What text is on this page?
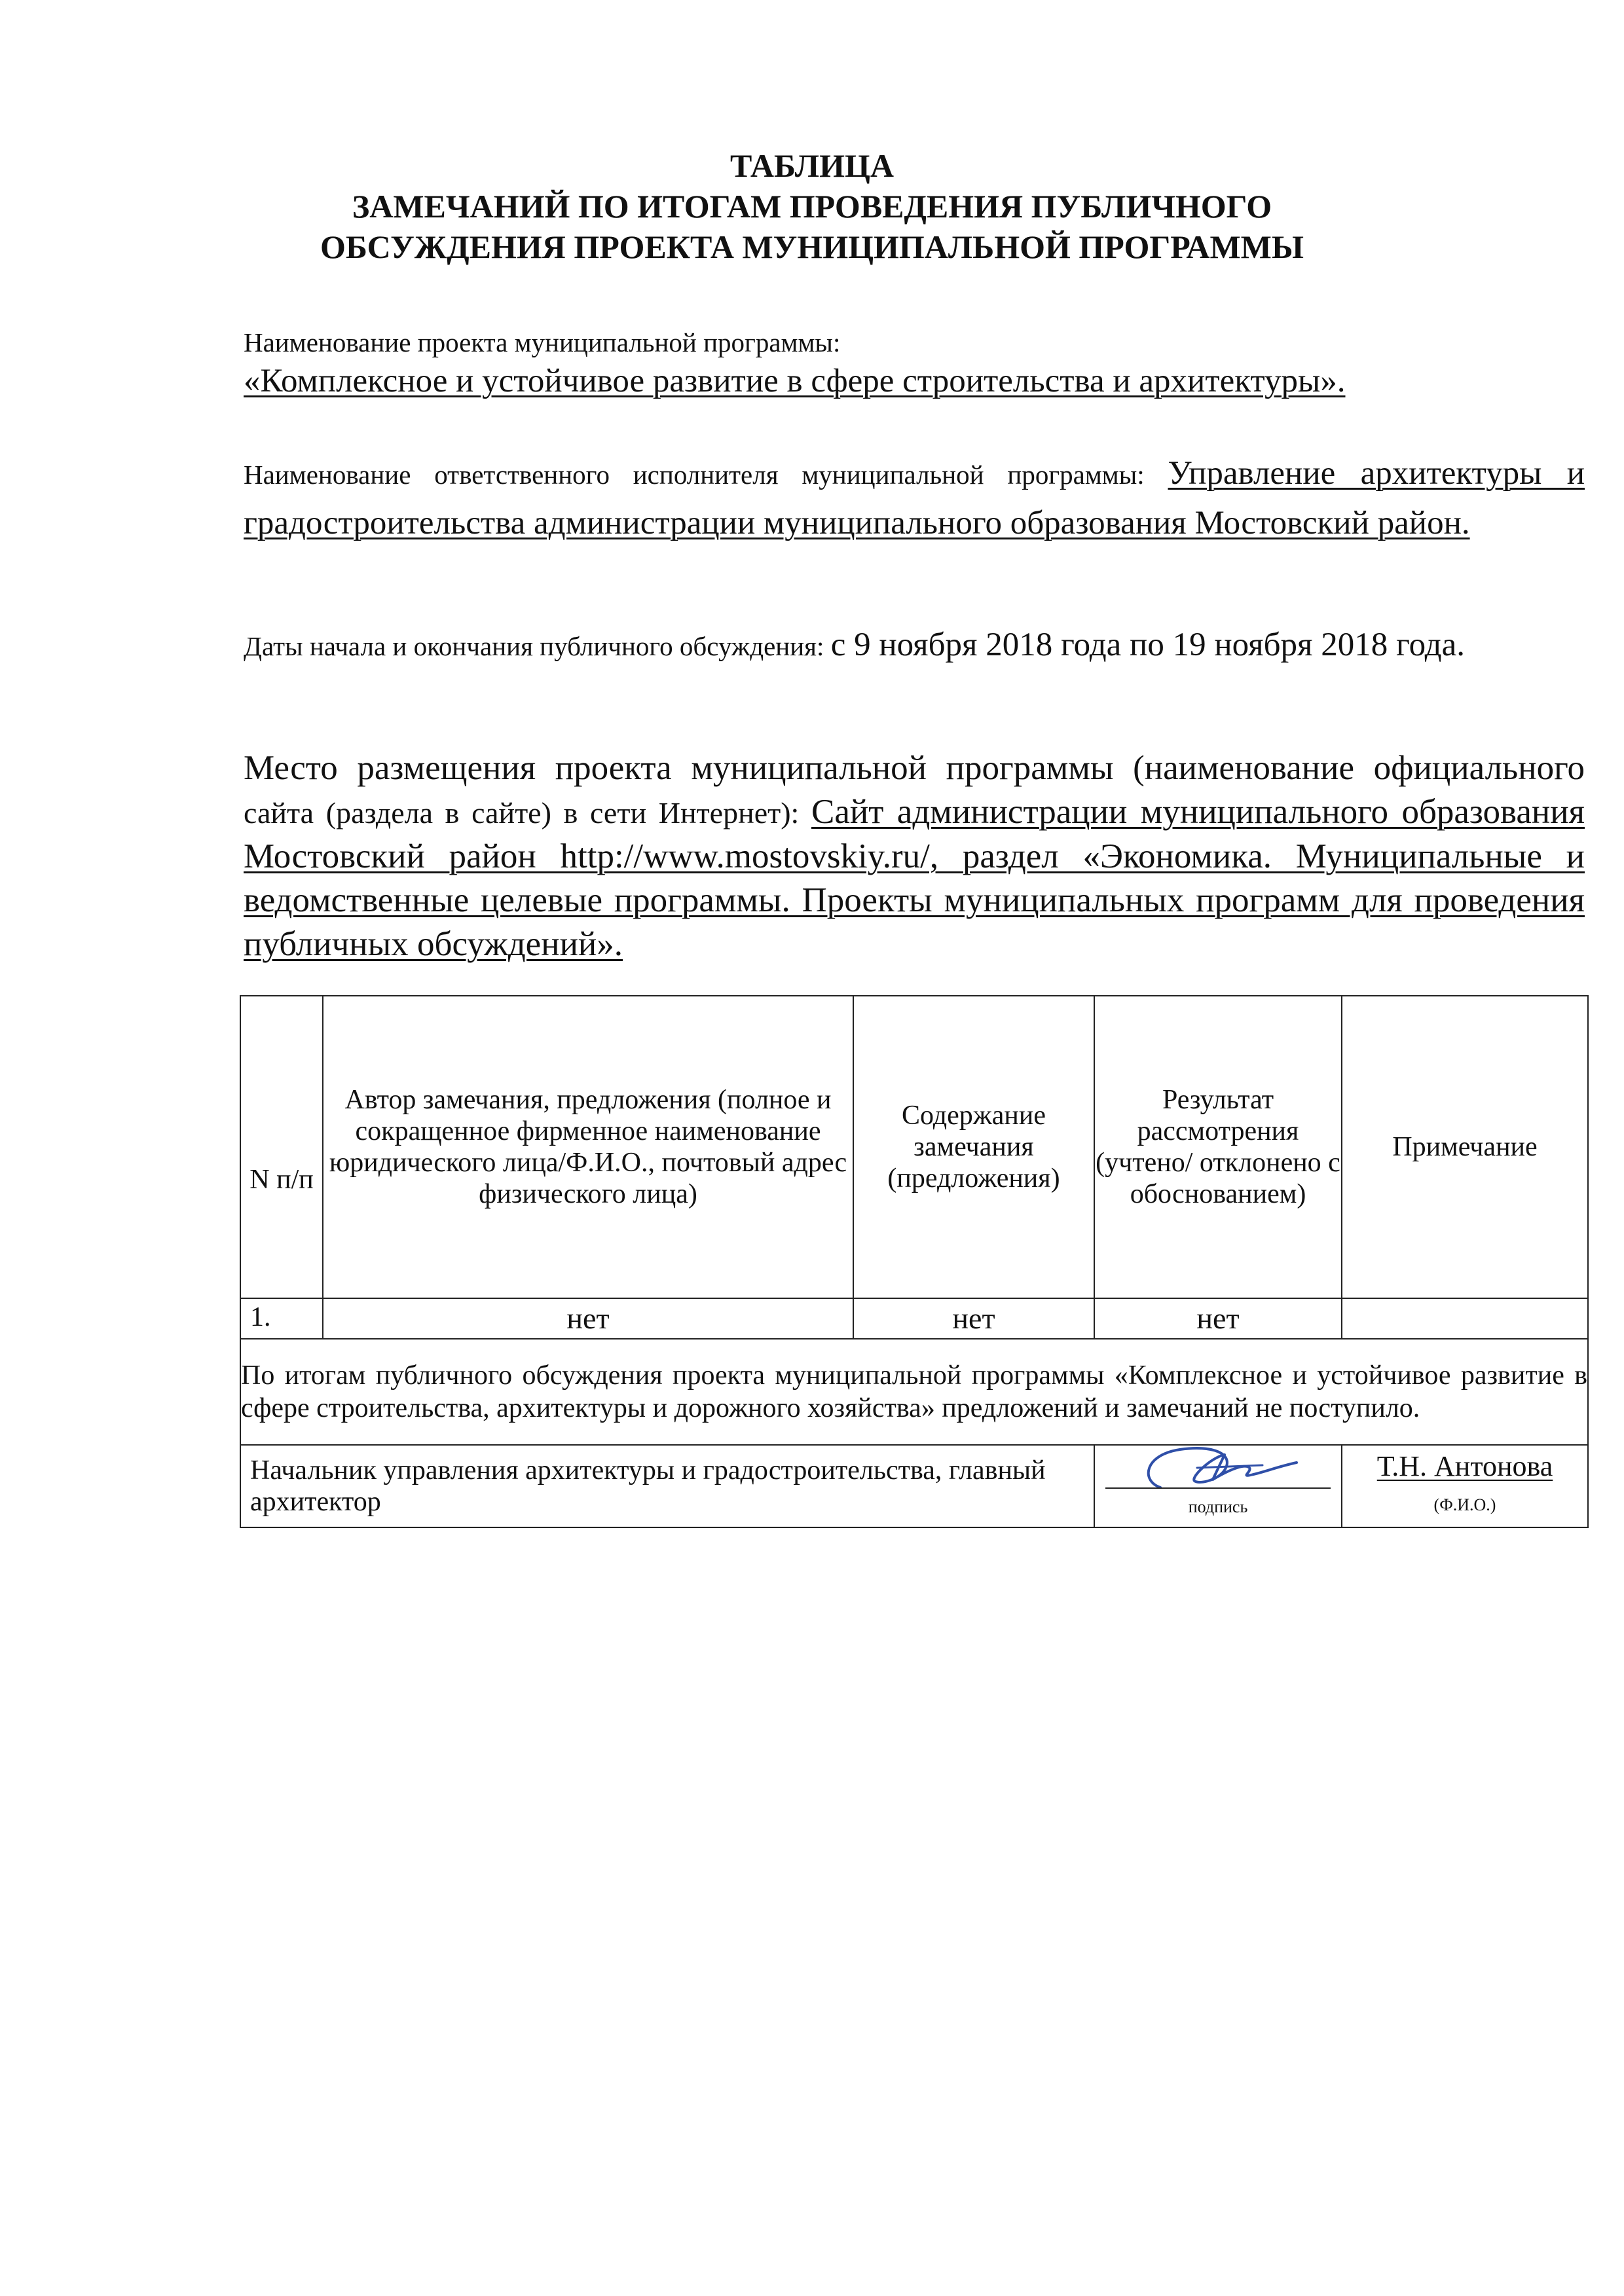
ТАБЛИЦА
ЗАМЕЧАНИЙ ПО ИТОГАМ ПРОВЕДЕНИЯ ПУБЛИЧНОГО
ОБСУЖДЕНИЯ ПРОЕКТА МУНИЦИПАЛЬНОЙ ПРОГРАММЫ
Наименование проекта муниципальной программы:
«Комплексное и устойчивое развитие в сфере строительства и архитектуры».
Наименование ответственного исполнителя муниципальной программы: Управление архитектуры и градостроительства администрации муниципального образования Мостовский район.
Даты начала и окончания публичного обсуждения: с 9 ноября 2018 года по 19 ноября 2018 года.
Место размещения проекта муниципальной программы (наименование официального сайта (раздела в сайте) в сети Интернет): Сайт администрации муниципального образования Мостовский район http://www.mostovskiy.ru/, раздел «Экономика. Муниципальные и ведомственные целевые программы. Проекты муниципальных программ для проведения публичных обсуждений».
N п/п	Автор замечания, предложения (полное и сокращенное фирменное наименование юридического лица/Ф.И.О., почтовый адрес физического лица)	Содержание замечания (предложения)	Результат рассмотрения (учтено/ отклонено с обоснованием)	Примечание
1.	нет	нет	нет	
По итогам публичного обсуждения проекта муниципальной программы «Комплексное и устойчивое развитие в сфере строительства, архитектуры и дорожного хозяйства» предложений и замечаний не поступило.				
Начальник управления архитектуры и градостроительства, главный архитектор			подпись	Т.Н. Антонова
(Ф.И.О.)
